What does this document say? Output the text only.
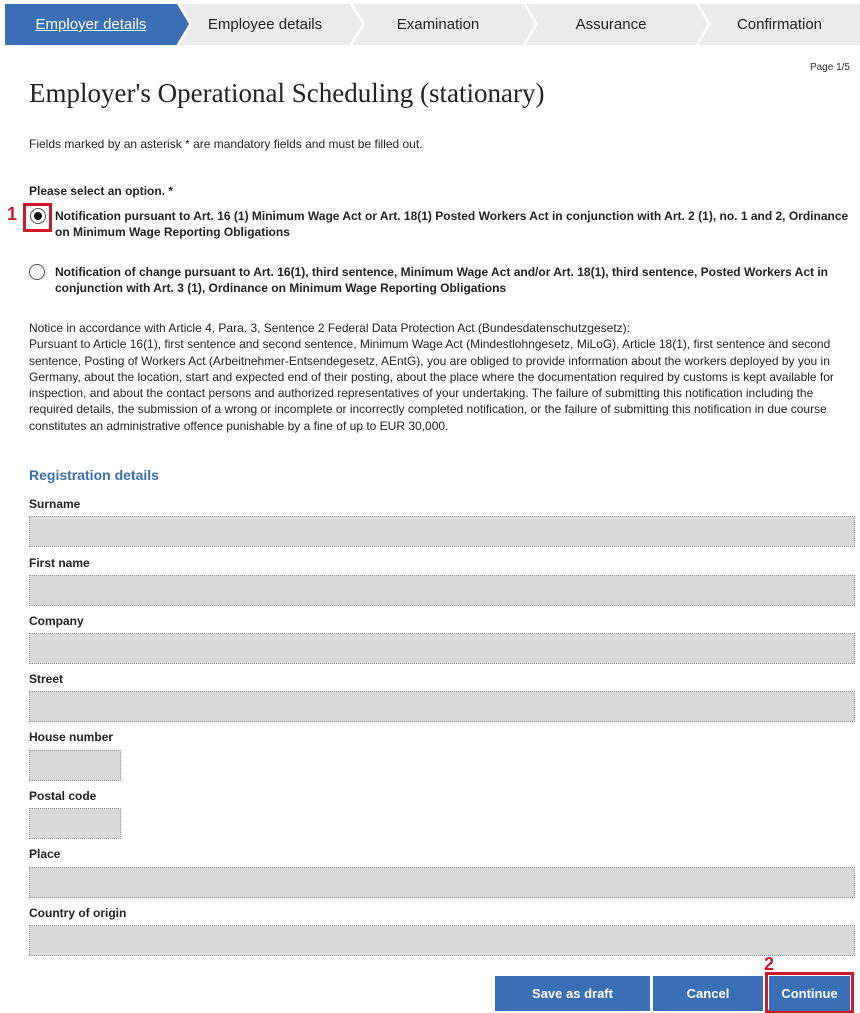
Employer details	Employee details	Examination	Assurance	Confirmation
Page 1/5
Employer's Operational Scheduling (stationary)
Fields marked by an asterisk * are mandatory fields and must be filled out.
Please select an option. *
1	Notification pursuant to Art. 16 (1) Minimum Wage Act or Art. 18(1) Posted Workers Act in conjunction with Art. 2 (1), no. 1 and 2, Ordinance on Minimum Wage Reporting Obligations
Notification of change pursuant to Art. 16(1), third sentence, Minimum Wage Act and/or Art. 18(1), third sentence, Posted Workers Act in conjunction with Art. 3 (1), Ordinance on Minimum Wage Reporting Obligations

Notice in accordance with Article 4, Para. 3, Sentence 2 Federal Data Protection Act (Bundesdatenschutzgesetz):

Pursuant to Article 16(1), first sentence and second sentence, Minimum Wage Act (Mindestlohngesetz, MiLoG), Article 18(1), first sentence and second sentence, Posting of Workers Act (Arbeitnehmer-Entsendegesetz, AEntG), you are obliged to provide information about the workers deployed by you in Germany, about the location, start and expected end of their posting, about the place where the documentation required by customs is kept available for inspection, and about the contact persons and authorized representatives of your undertaking. The failure of submitting this notification including the required details, the submission of a wrong or incomplete or incorrectly completed notification, or the failure of submitting this notification in due course constitutes an administrative offence punishable by a fine of up to EUR 30,000.

Registration details
Surname
First name
Company
Street
House number
Postal code
Place
Country of origin
Save as draft	Cancel
2
Continue
